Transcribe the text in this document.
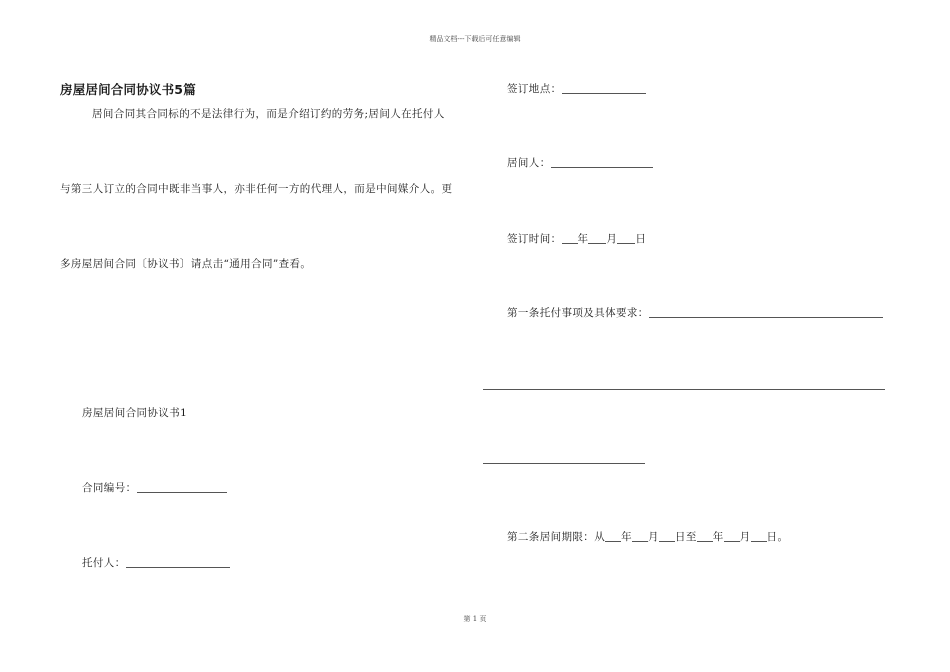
精品文档---下载后可任意编辑
房屋居间合同协议书5篇
居间合同其合同标的不是法律行为，而是介绍订约的劳务;居间人在托付人
与第三人订立的合同中既非当事人，亦非任何一方的代理人，而是中间媒介人。更
多房屋居间合同〔协议书〕请点击“通用合同”查看。
房屋居间合同协议书1
合同编号：
托付人：
签订地点：
居间人：
签订时间： 年 月 日
第一条托付事项及具体要求：
第二条居间期限：从 年 月 日至 年 月 日。
第 1 页
